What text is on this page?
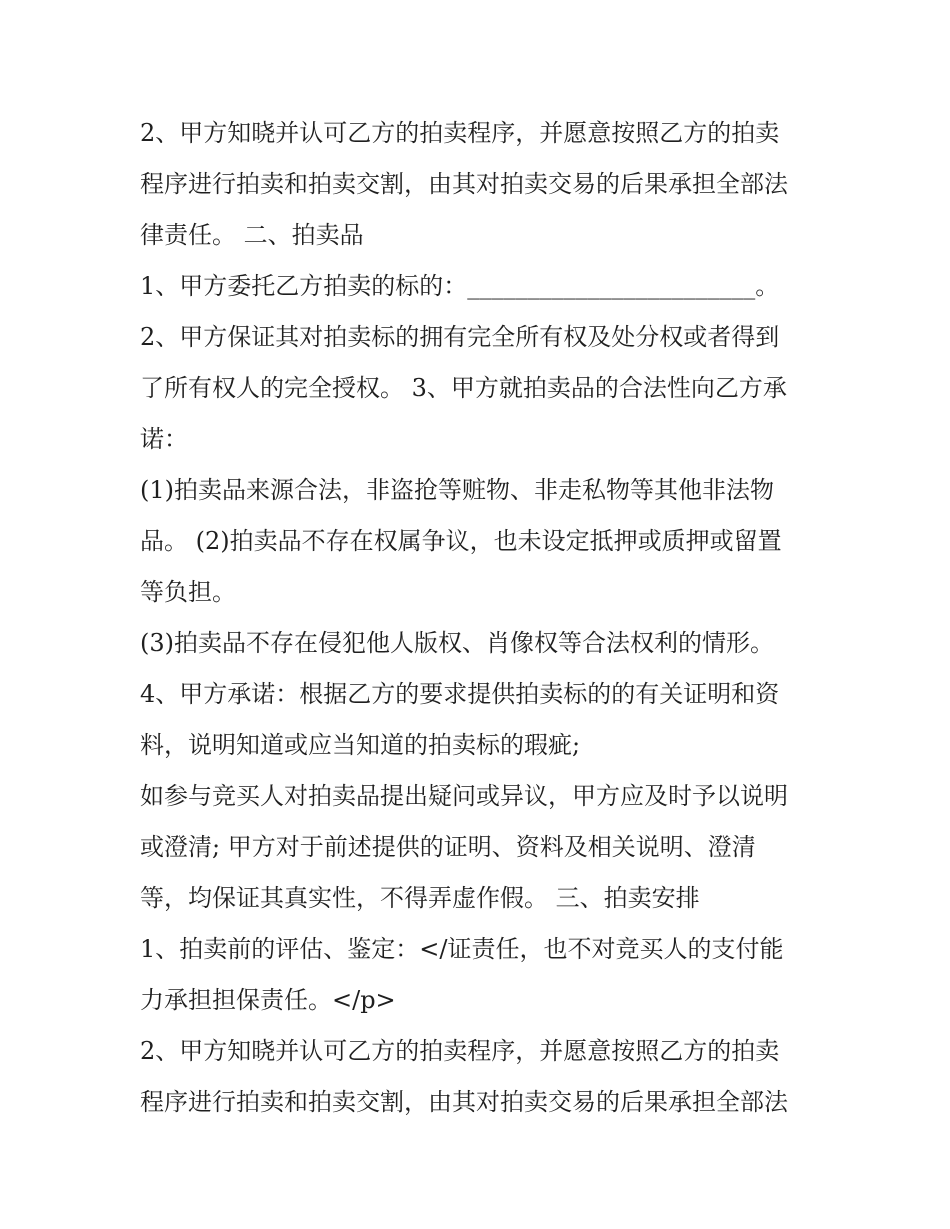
2、甲方知晓并认可乙方的拍卖程序，并愿意按照乙方的拍卖
程序进行拍卖和拍卖交割，由其对拍卖交易的后果承担全部法
律责任。 二、拍卖品
1、甲方委托乙方拍卖的标的：________________________。
2、甲方保证其对拍卖标的拥有完全所有权及处分权或者得到
了所有权人的完全授权。 3、甲方就拍卖品的合法性向乙方承
诺：
(1)拍卖品来源合法，非盗抢等赃物、非走私物等其他非法物
品。 (2)拍卖品不存在权属争议，也未设定抵押或质押或留置
等负担。
(3)拍卖品不存在侵犯他人版权、肖像权等合法权利的情形。
4、甲方承诺：根据乙方的要求提供拍卖标的的有关证明和资
料，说明知道或应当知道的拍卖标的瑕疵;
如参与竞买人对拍卖品提出疑问或异议，甲方应及时予以说明
或澄清; 甲方对于前述提供的证明、资料及相关说明、澄清
等，均保证其真实性，不得弄虚作假。 三、拍卖安排
1、拍卖前的评估、鉴定：</证责任，也不对竞买人的支付能
力承担担保责任。</p>
2、甲方知晓并认可乙方的拍卖程序，并愿意按照乙方的拍卖
程序进行拍卖和拍卖交割，由其对拍卖交易的后果承担全部法
